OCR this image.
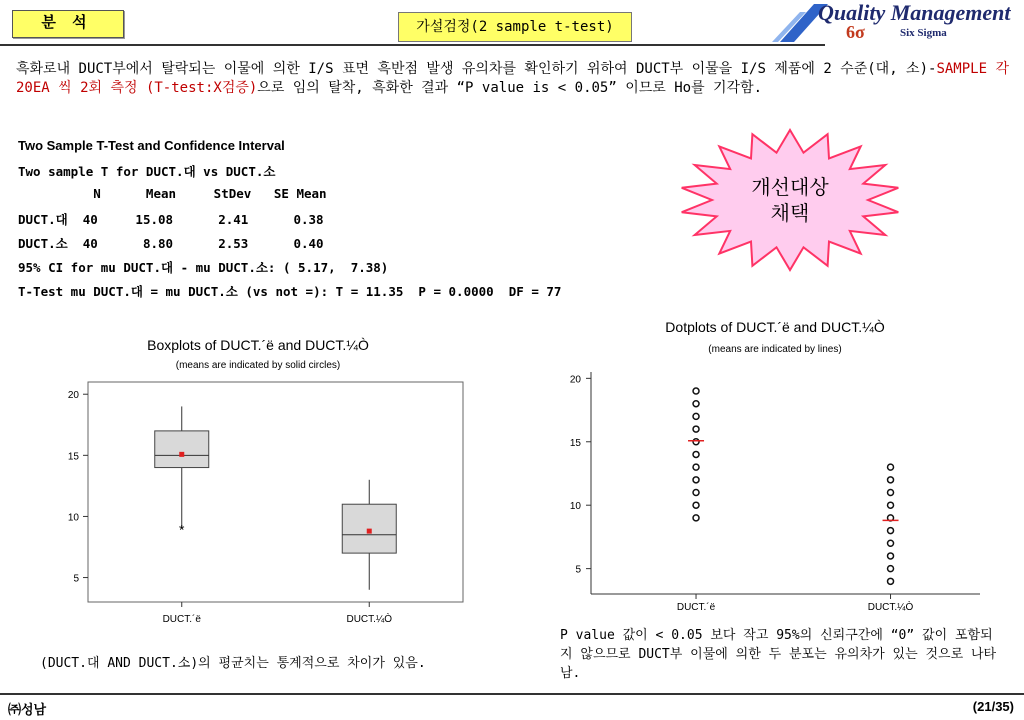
분 석	가설검정(2 sample t-test)
Quality Management
6σ	Six Sigma
흑화로내 DUCT부에서 탈락되는 이물에 의한 I/S 표면 흑반점 발생 유의차를 확인하기 위하여 DUCT부 이물을 I/S 제품에 2 수준(대, 소)-SAMPLE 각 20EA 씩 2회 측정 (T-test:X검증)으로 임의 탈착, 흑화한 결과 “P value is < 0.05” 이므로 Ho를 기각함.
Two Sample T-Test and Confidence Interval
Two sample T for DUCT.대 vs DUCT.소
N      Mean     StDev   SE Mean
DUCT.대  40     15.08      2.41      0.38
DUCT.소  40      8.80      2.53      0.40
95% CI for mu DUCT.대 - mu DUCT.소: ( 5.17,  7.38)
T-Test mu DUCT.대 = mu DUCT.소 (vs not =): T = 11.35  P = 0.0000  DF = 77
개선대상
채택
Boxplots of DUCT.´ë and DUCT.¼Ò
(means are indicated by solid circles)
5
10
15
20
*
DUCT.´ë	DUCT.¼Ò
Dotplots of DUCT.´ë and DUCT.¼Ò
(means are indicated by lines)
5
10
15
20
DUCT.´ë	DUCT.¼Ò
(DUCT.대 AND DUCT.소)의 평균치는 통계적으로 차이가 있음.
P value 값이 < 0.05 보다 작고 95%의 신뢰구간에 “0” 값이 포함되지 않으므로 DUCT부 이물에 의한 두 분포는 유의차가 있는 것으로 나타남.
㈜성남	(21/35)
